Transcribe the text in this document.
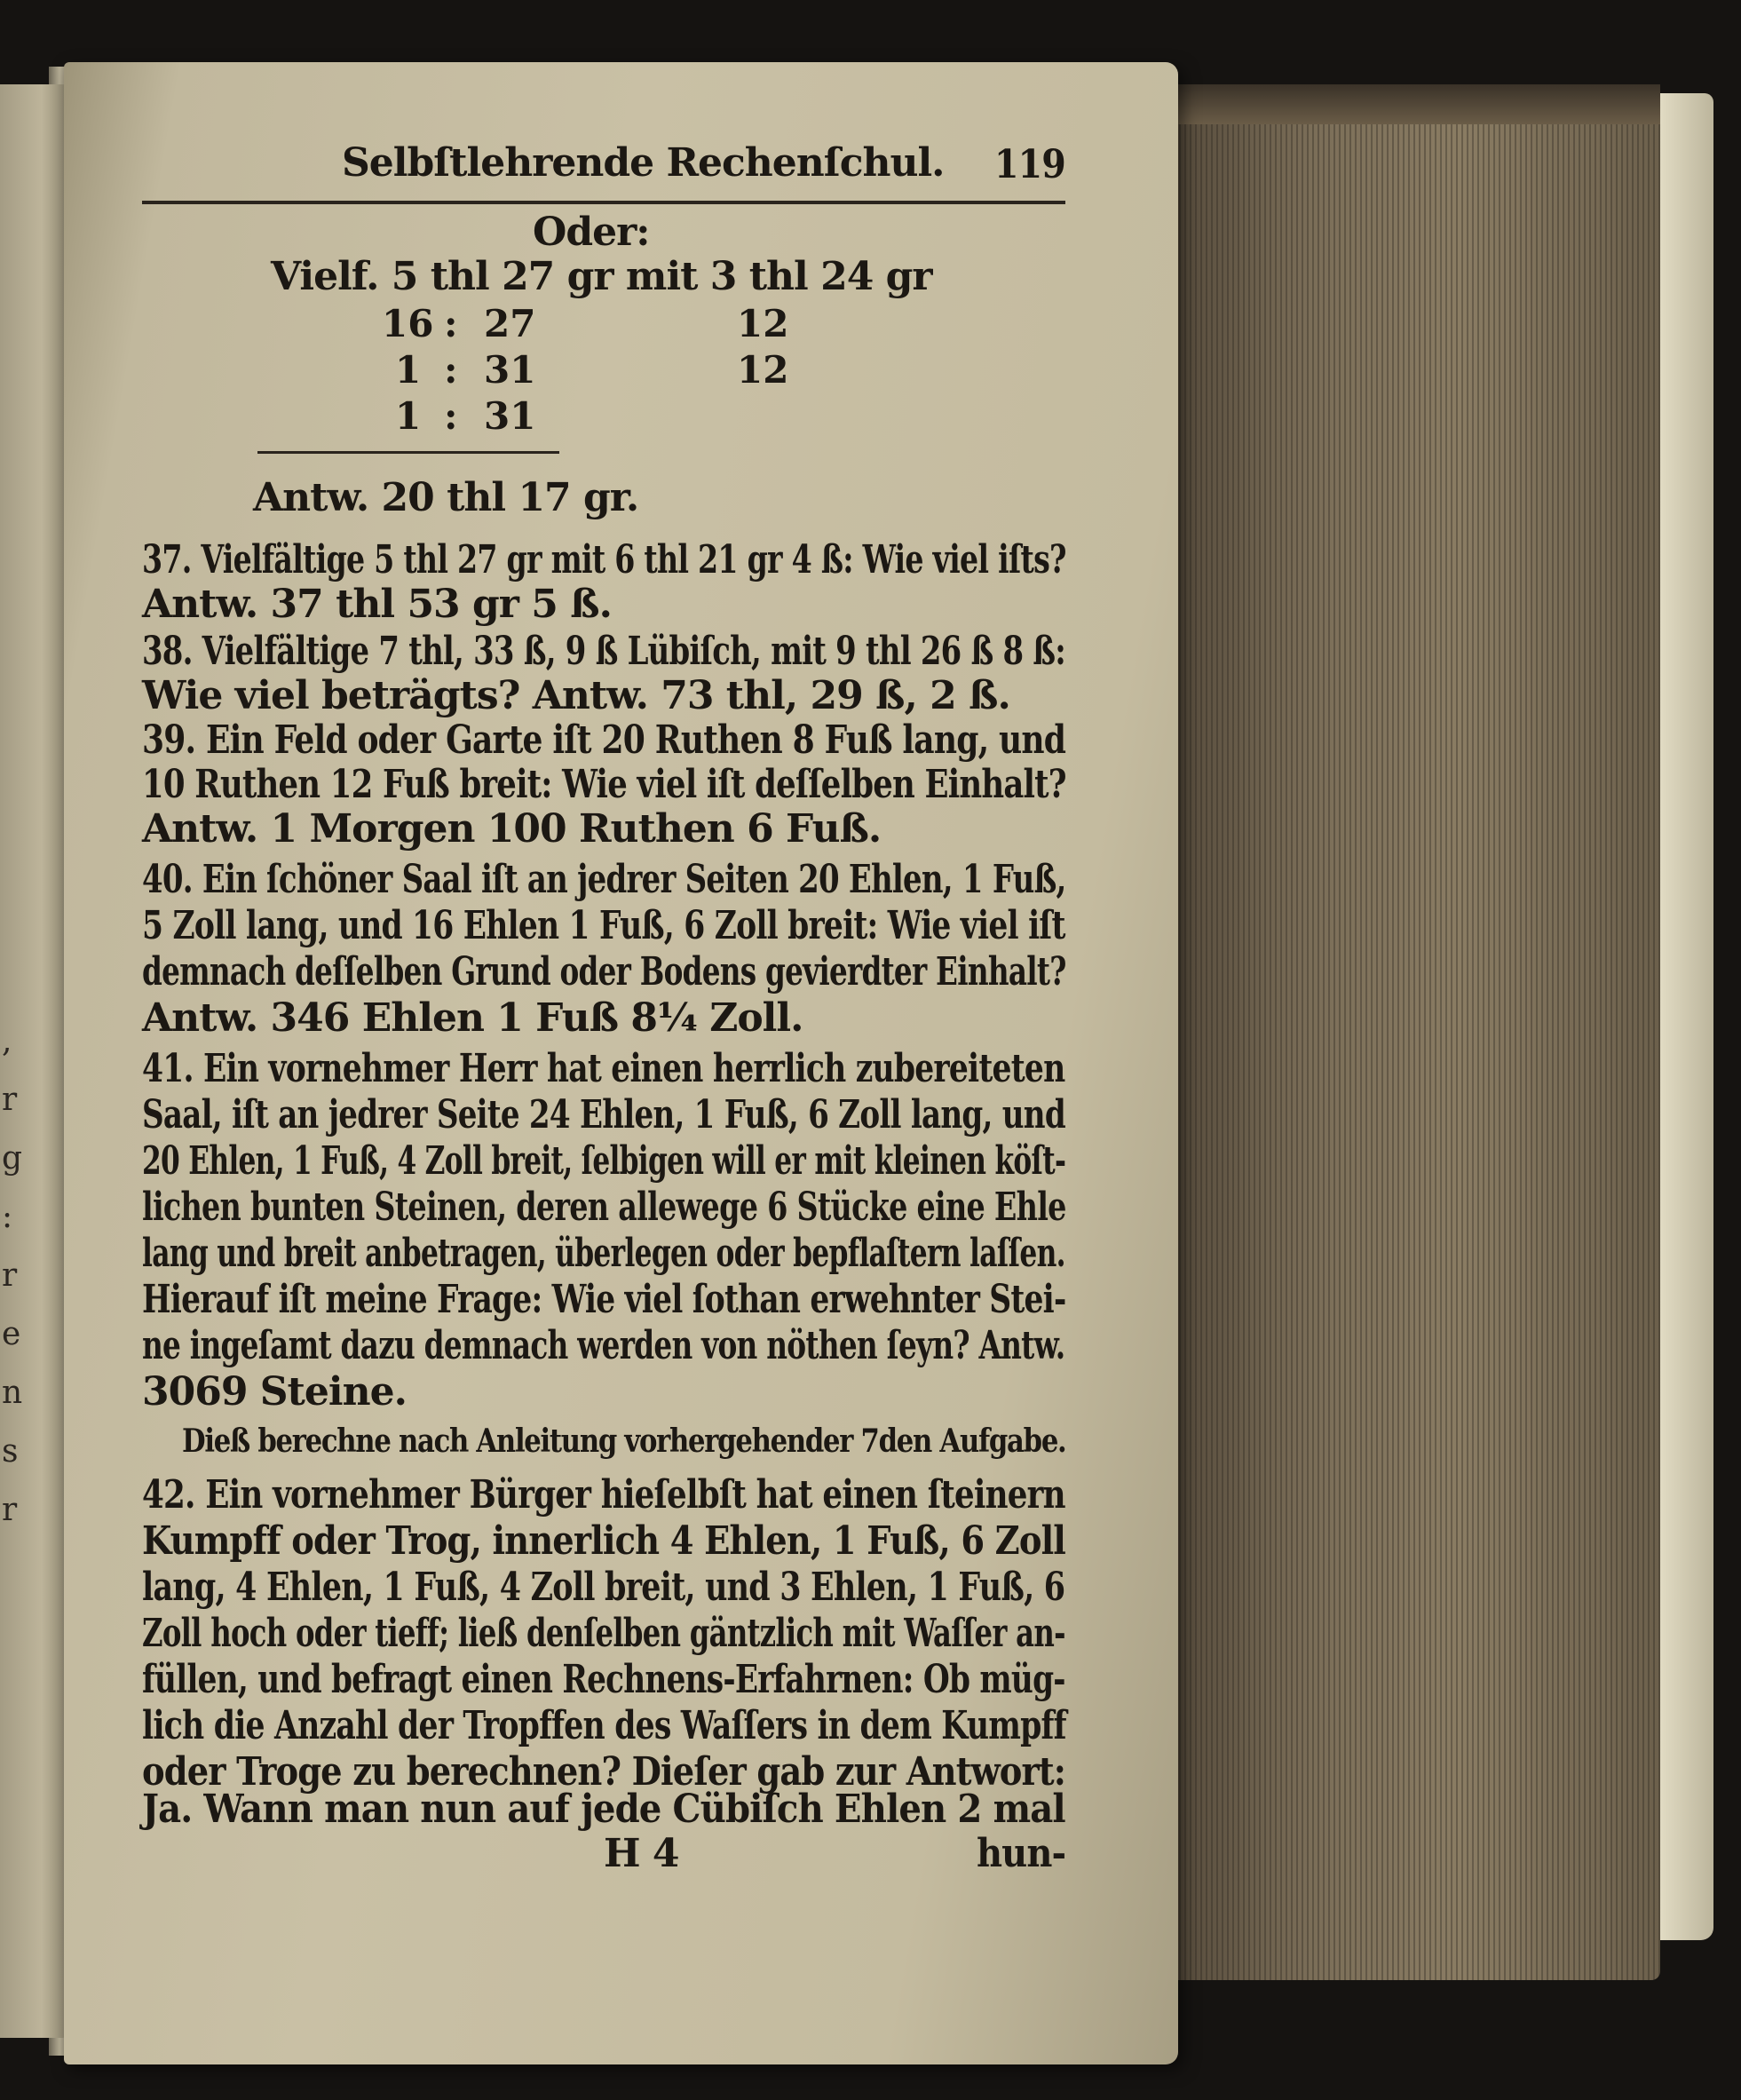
,
r
g
:
r
e
n
s
r
Selbſtlehrende Rechenſchul. 119
Oder:
Vielf. 5 thl 27 gr mit 3 thl 24 gr
16 : 27	12
1 : 31	12
1 : 31
Antw. 20 thl 17 gr.
37. Vielfältige 5 thl 27 gr mit 6 thl 21 gr 4 ß: Wie viel iſts?
Antw. 37 thl 53 gr 5 ß.
38. Vielfältige 7 thl, 33 ß, 9 ß Lübiſch, mit 9 thl 26 ß 8 ß:
Wie viel beträgts? Antw. 73 thl, 29 ß, 2 ß.
39. Ein Feld oder Garte iſt 20 Ruthen 8 Fuß lang, und
10 Ruthen 12 Fuß breit: Wie viel iſt deſſelben Einhalt?
Antw. 1 Morgen 100 Ruthen 6 Fuß.
40. Ein ſchöner Saal iſt an jedrer Seiten 20 Ehlen, 1 Fuß,
5 Zoll lang, und 16 Ehlen 1 Fuß, 6 Zoll breit: Wie viel iſt
demnach deſſelben Grund oder Bodens gevierdter Einhalt?
Antw. 346 Ehlen 1 Fuß 8¼ Zoll.
41. Ein vornehmer Herr hat einen herrlich zubereiteten
Saal, iſt an jedrer Seite 24 Ehlen, 1 Fuß, 6 Zoll lang, und
20 Ehlen, 1 Fuß, 4 Zoll breit, ſelbigen will er mit kleinen köſt-
lichen bunten Steinen, deren allewege 6 Stücke eine Ehle
lang und breit anbetragen, überlegen oder bepflaſtern laſſen.
Hierauf iſt meine Frage: Wie viel ſothan erwehnter Stei-
ne ingeſamt dazu demnach werden von nöthen ſeyn? Antw.
3069 Steine.
Dieß berechne nach Anleitung vorhergehender 7den Aufgabe.
42. Ein vornehmer Bürger hieſelbſt hat einen ſteinern
Kumpff oder Trog, innerlich 4 Ehlen, 1 Fuß, 6 Zoll
lang, 4 Ehlen, 1 Fuß, 4 Zoll breit, und 3 Ehlen, 1 Fuß, 6
Zoll hoch oder tieff; ließ denſelben gäntzlich mit Waſſer an-
füllen, und befragt einen Rechnens-Erfahrnen: Ob müg-
lich die Anzahl der Tropffen des Waſſers in dem Kumpff
oder Troge zu berechnen? Dieſer gab zur Antwort:
Ja. Wann man nun auf jede Cübiſch Ehlen 2 mal
H 4	hun-
